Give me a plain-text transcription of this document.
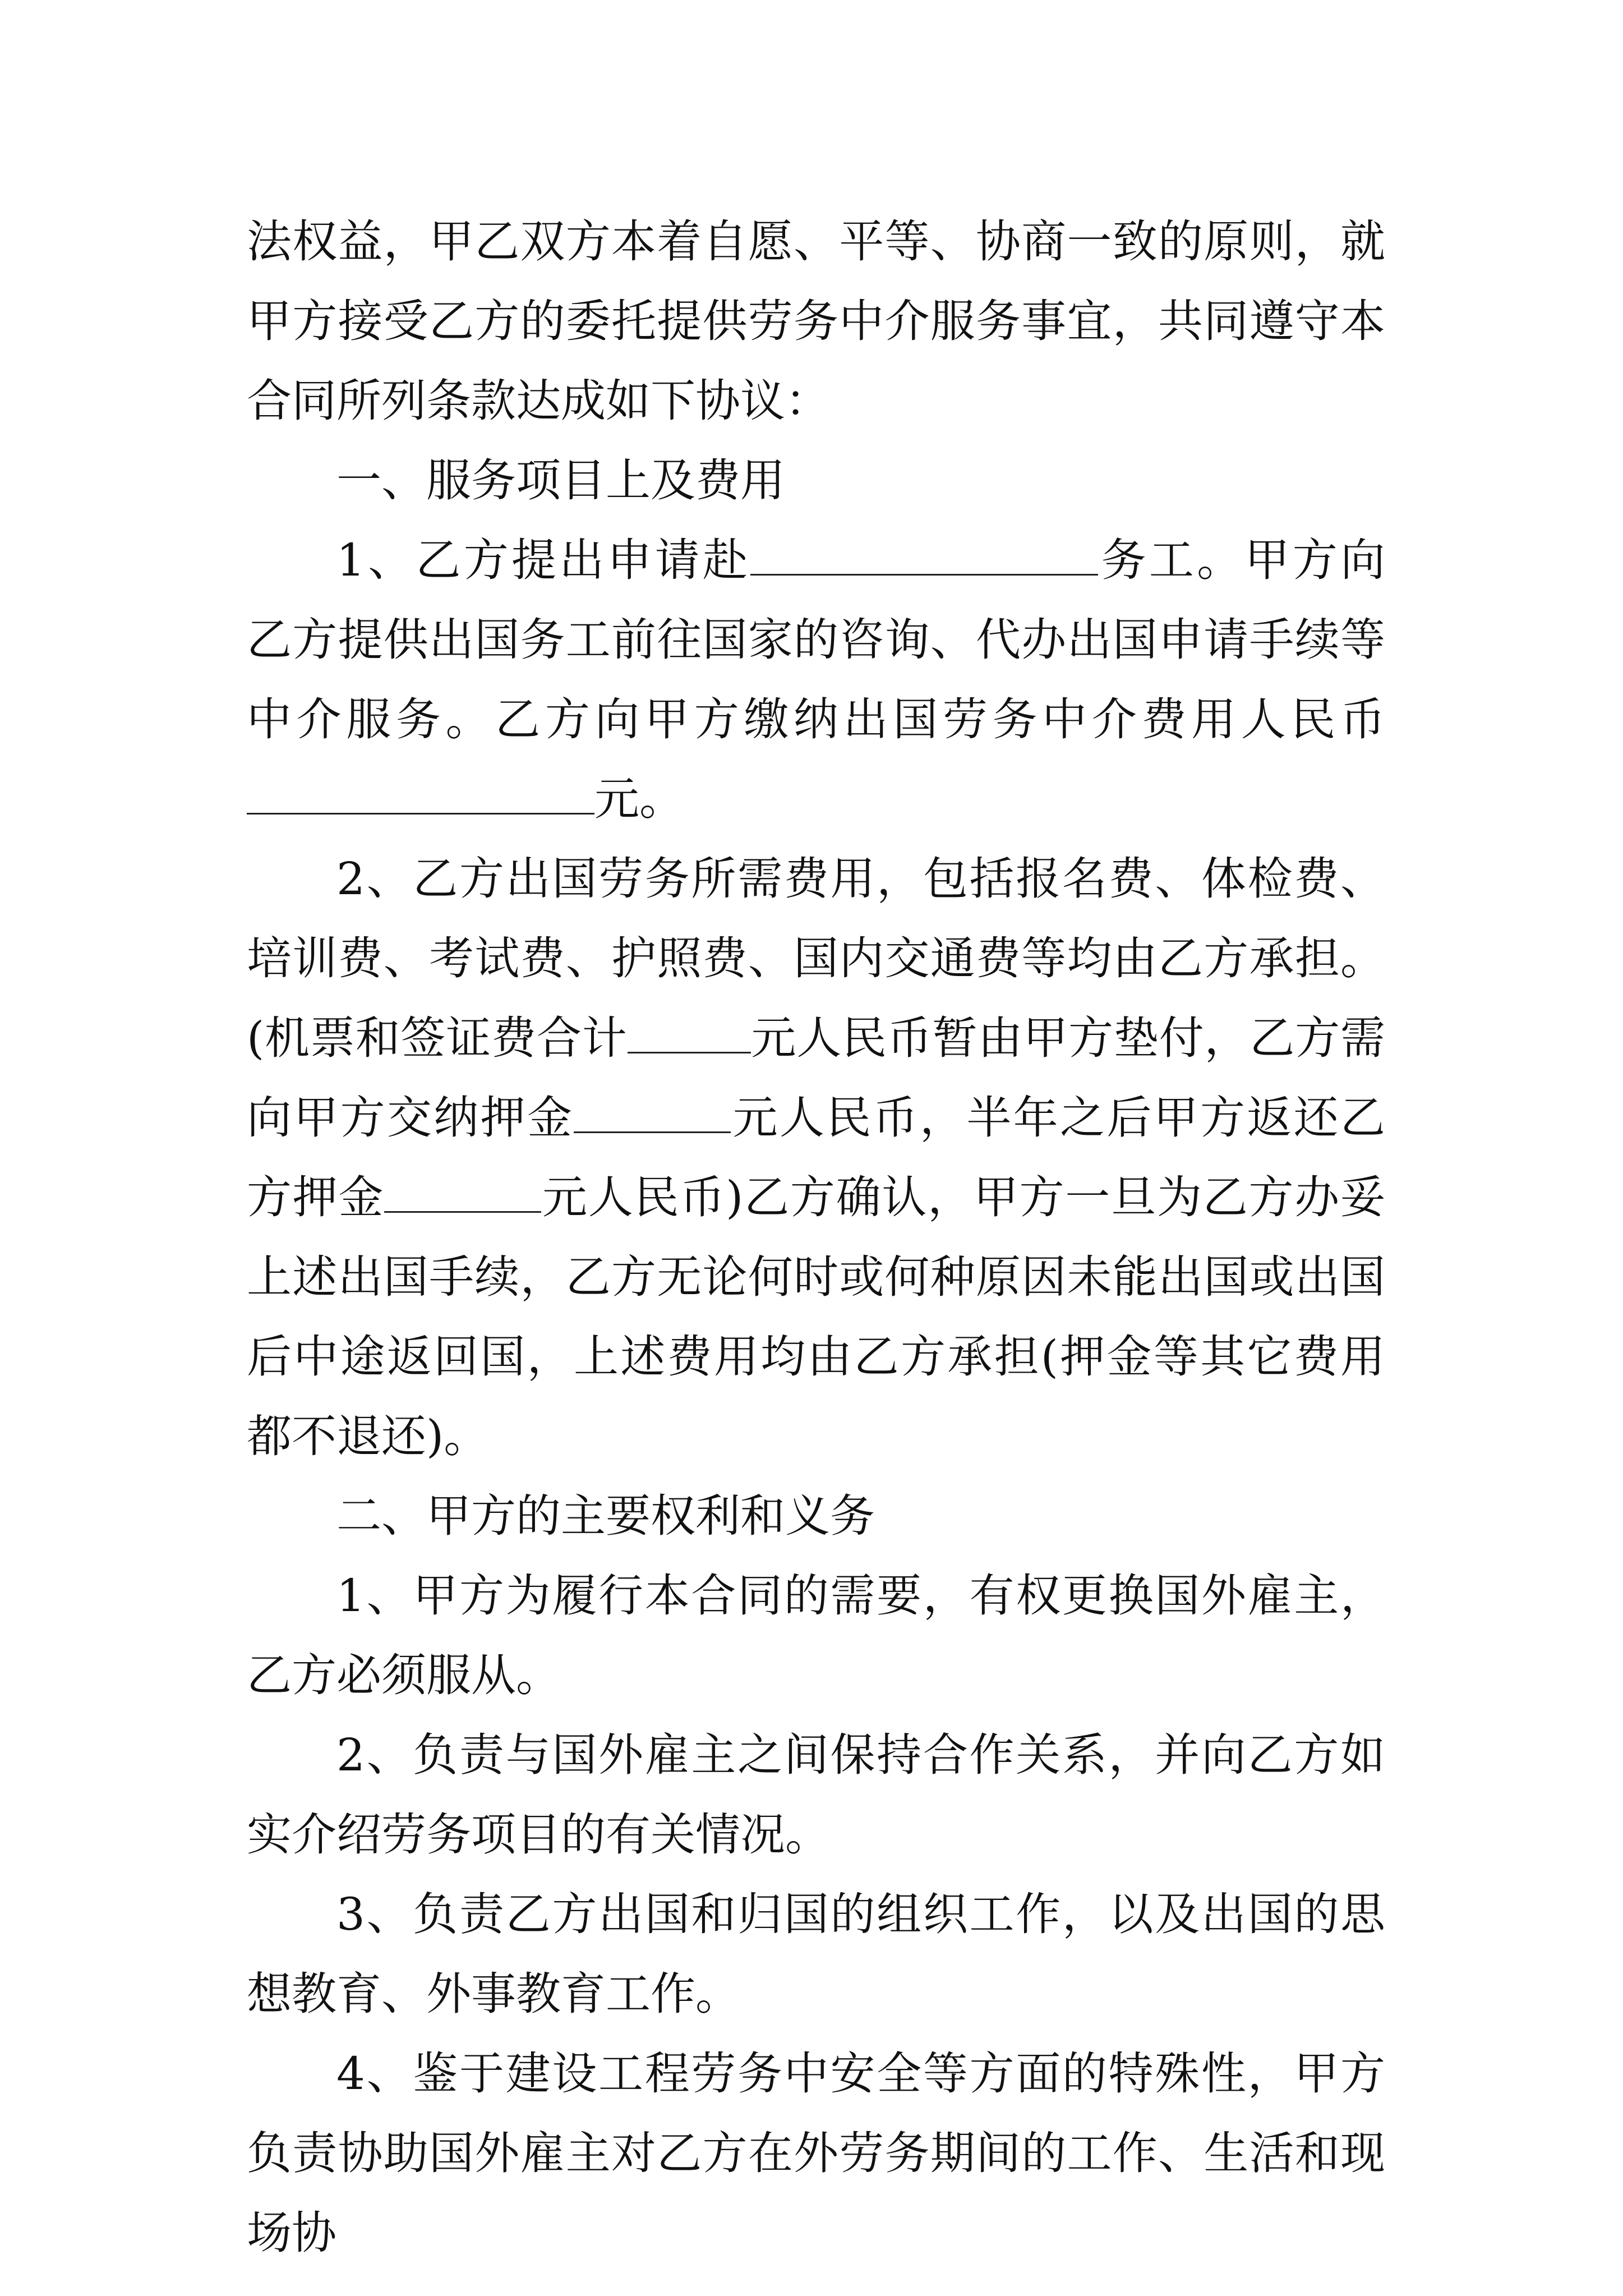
法权益，甲乙双方本着自愿、平等、协商一致的原则，就甲方接受乙方的委托提供劳务中介服务事宜，共同遵守本合同所列条款达成如下协议：

一、服务项目上及费用

1、乙方提出申请赴	务工。甲方向乙方提供出国务工前往国家的咨询、代办出国申请手续等中介服务。乙方向甲方缴纳出国劳务中介费用人民币元。

2、乙方出国劳务所需费用，包括报名费、体检费、培训费、考试费、护照费、国内交通费等均由乙方承担。(机票和签证费合计	元人民币暂由甲方垫付，乙方需向甲方交纳押金	元人民币，半年之后甲方返还乙方押金	元人民币)乙方确认，甲方一旦为乙方办妥上述出国手续，乙方无论何时或何种原因未能出国或出国后中途返回国，上述费用均由乙方承担(押金等其它费用都不退还)。

二、甲方的主要权利和义务

1、甲方为履行本合同的需要，有权更换国外雇主，乙方必须服从。

2、负责与国外雇主之间保持合作关系，并向乙方如实介绍劳务项目的有关情况。

3、负责乙方出国和归国的组织工作，以及出国的思想教育、外事教育工作。

4、鉴于建设工程劳务中安全等方面的特殊性，甲方负责协助国外雇主对乙方在外劳务期间的工作、生活和现场协
